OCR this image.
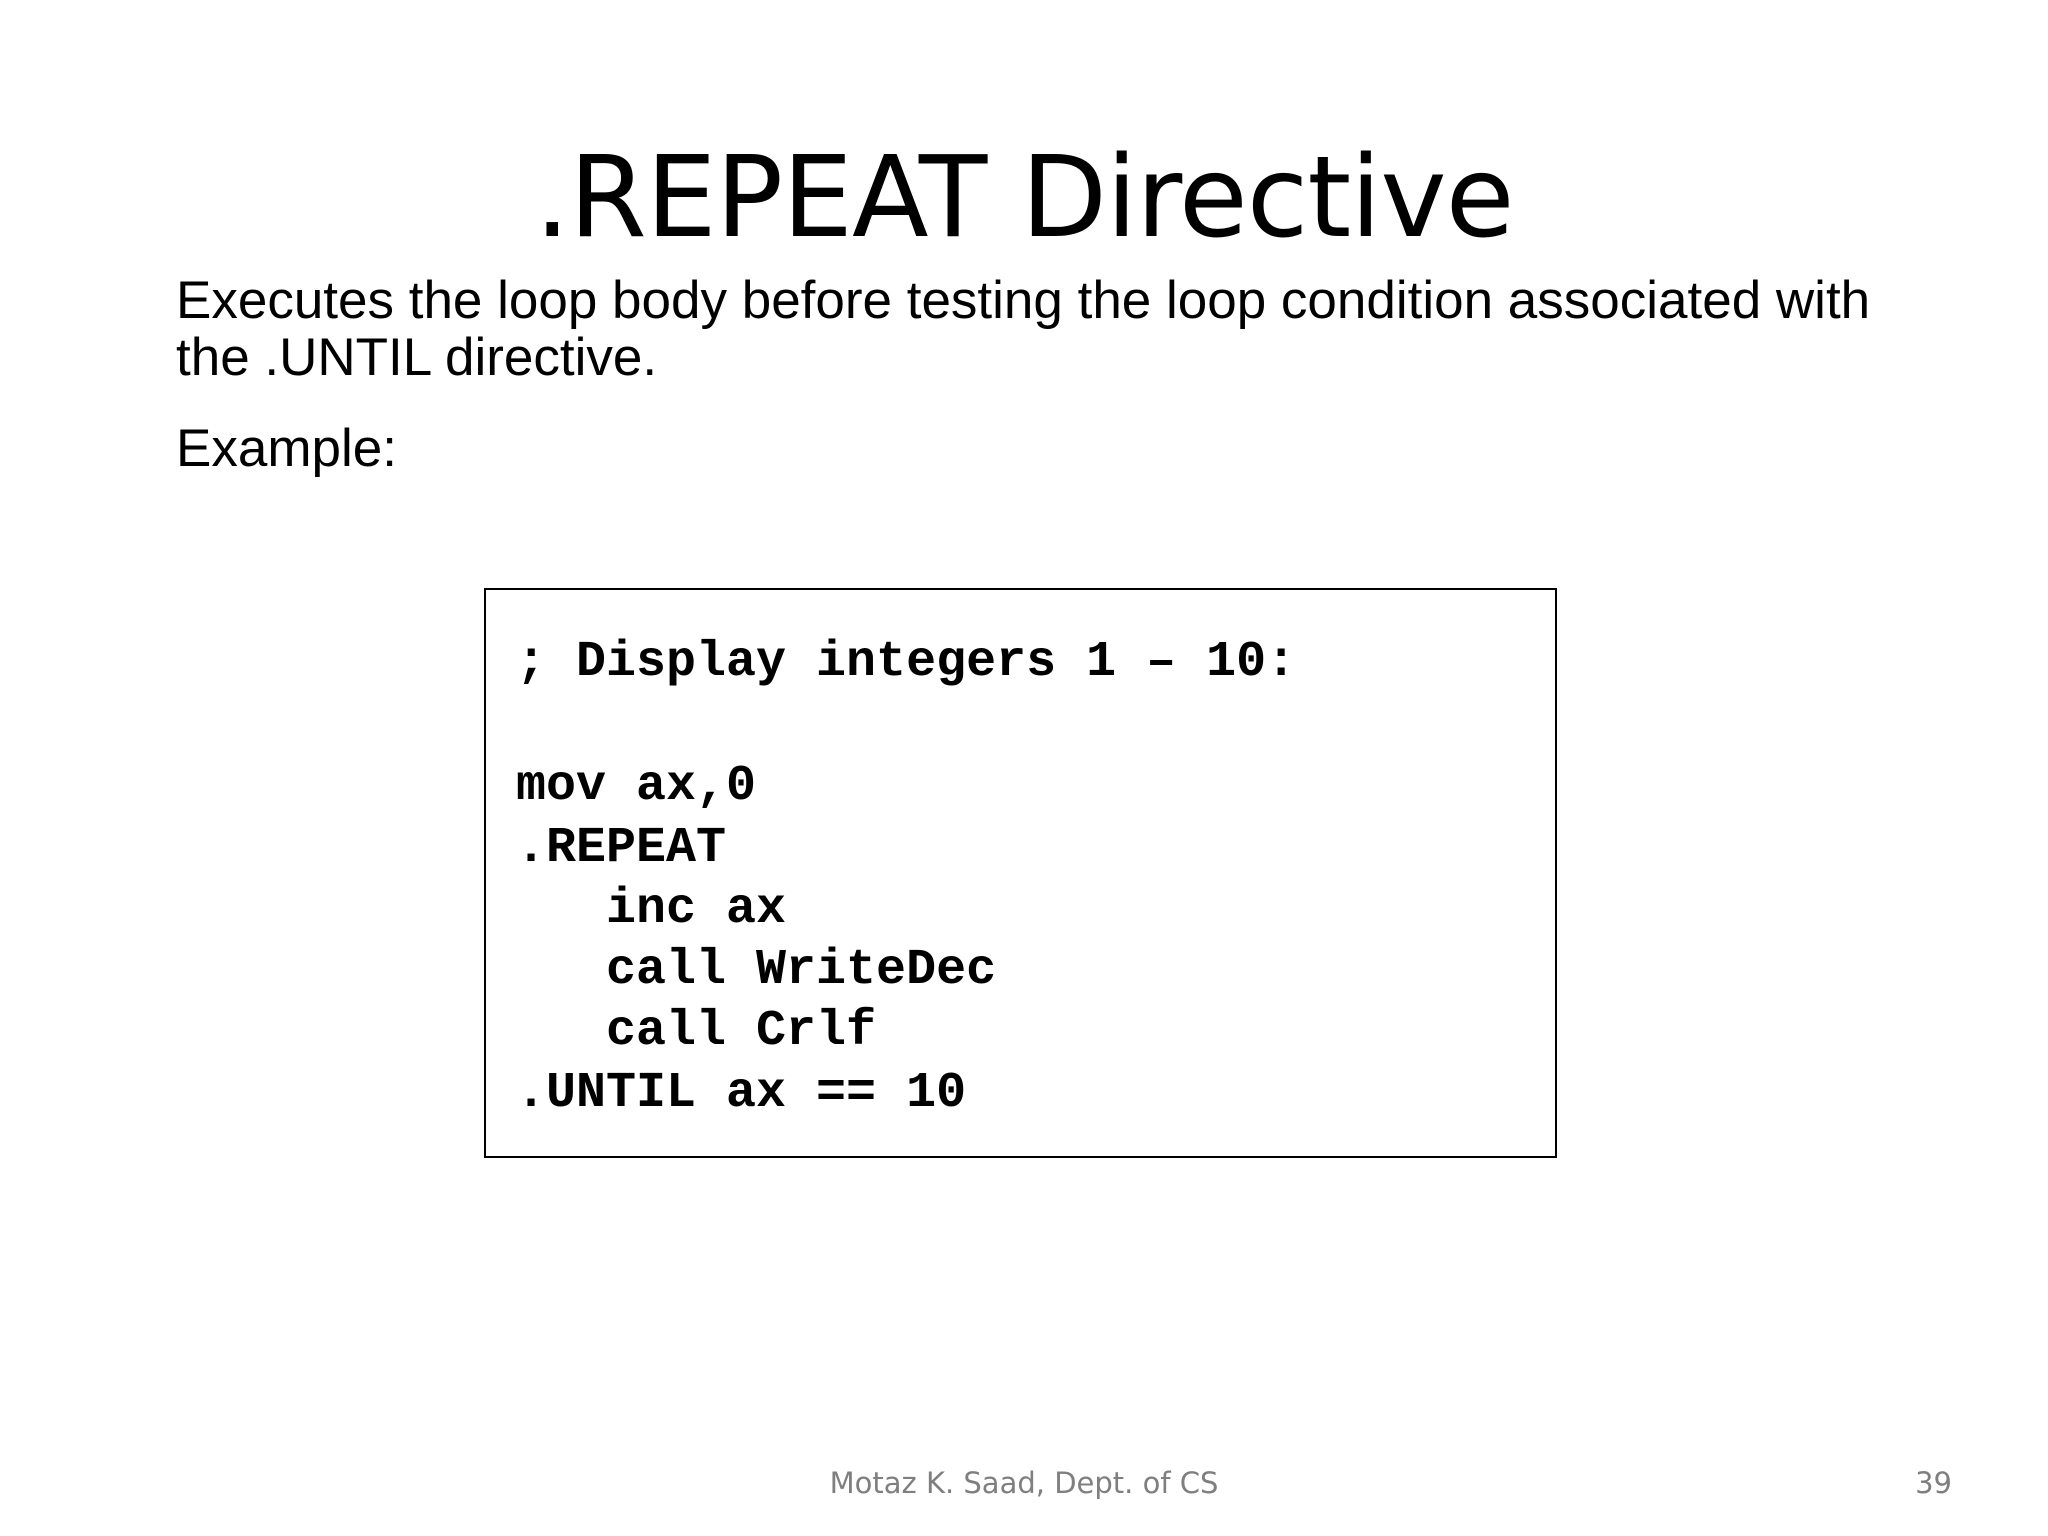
.REPEAT Directive
Executes the loop body before testing the loop condition associated with
the .UNTIL directive.
Example:
; Display integers 1 – 10:
mov ax,0
.REPEAT
inc ax
call WriteDec
call Crlf
.UNTIL ax == 10
Motaz K. Saad, Dept. of CS	39
